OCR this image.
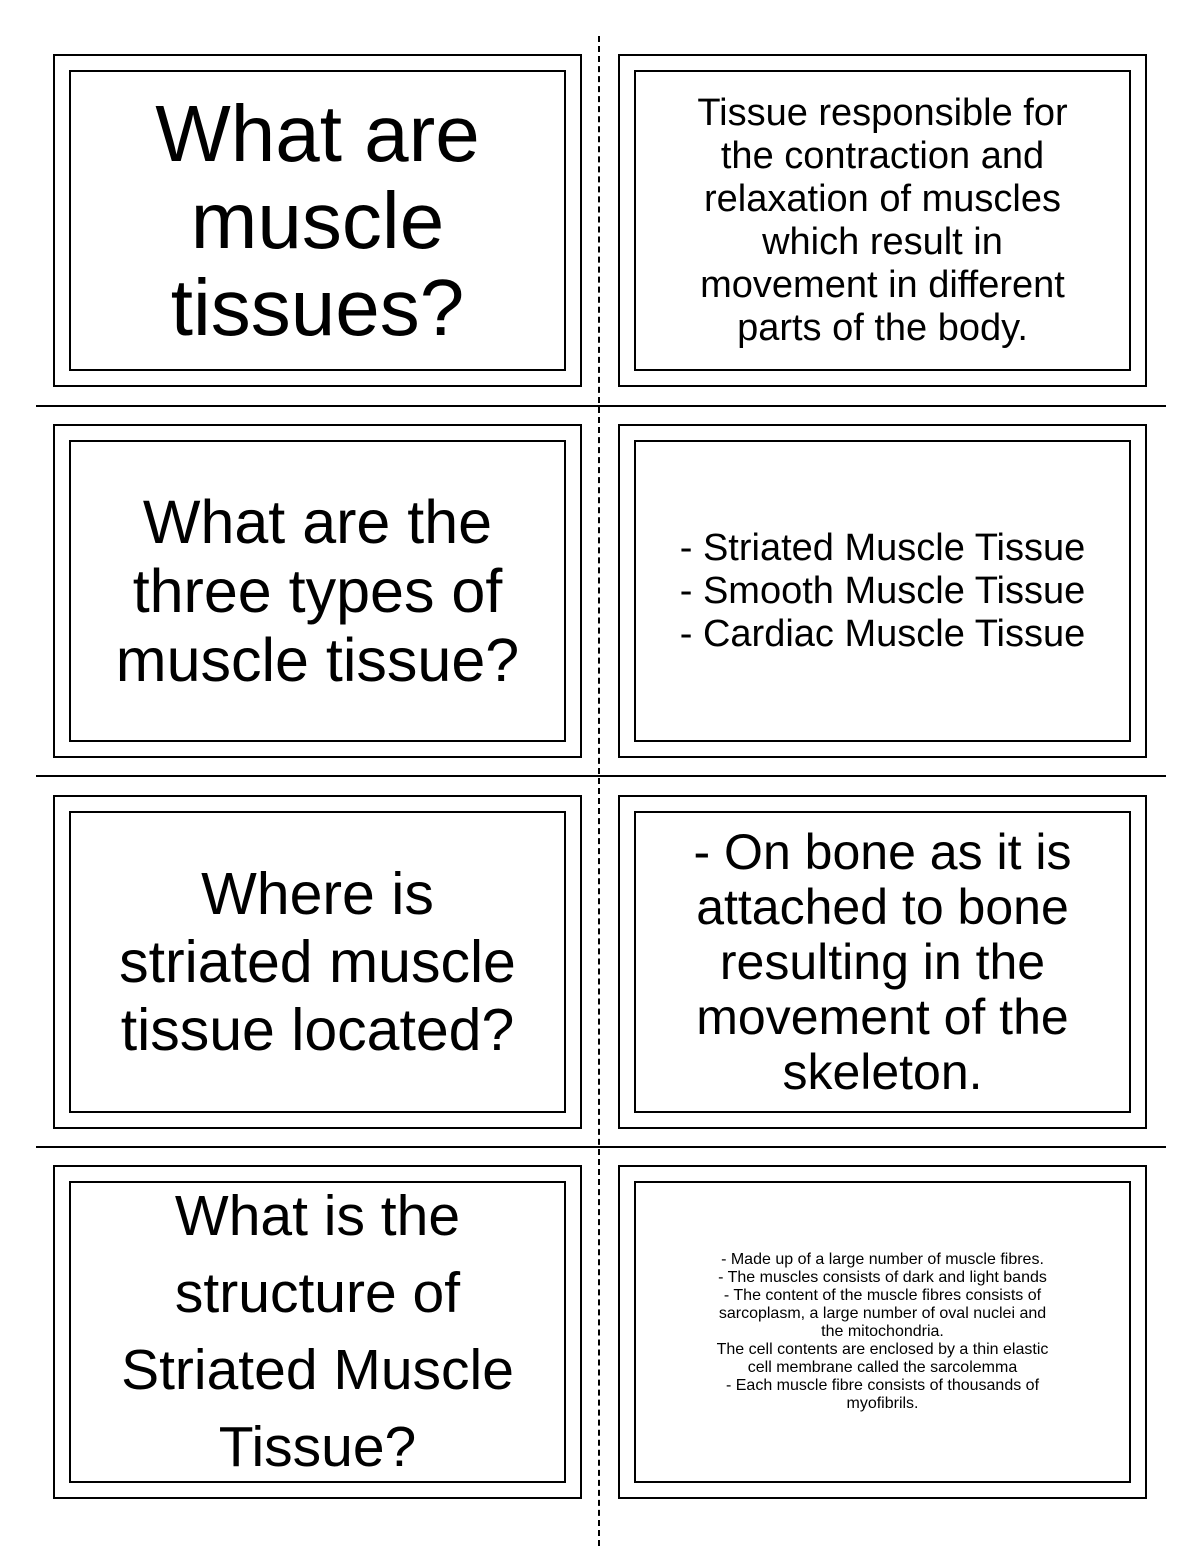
What are
muscle
tissues?

Tissue responsible for
the contraction and
relaxation of muscles
which result in
movement in different
parts of the body.

What are the
three types of
muscle tissue?

- Striated Muscle Tissue
- Smooth Muscle Tissue
- Cardiac Muscle Tissue

Where is
striated muscle
tissue located?

- On bone as it is
attached to bone
resulting in the
movement of the
skeleton.

What is the
structure of
Striated Muscle
Tissue?

- Made up of a large number of muscle fibres.
- The muscles consists of dark and light bands
- The content of the muscle fibres consists of
sarcoplasm, a large number of oval nuclei and
the mitochondria.
The cell contents are enclosed by a thin elastic
cell membrane called the sarcolemma
- Each muscle fibre consists of thousands of
myofibrils.
